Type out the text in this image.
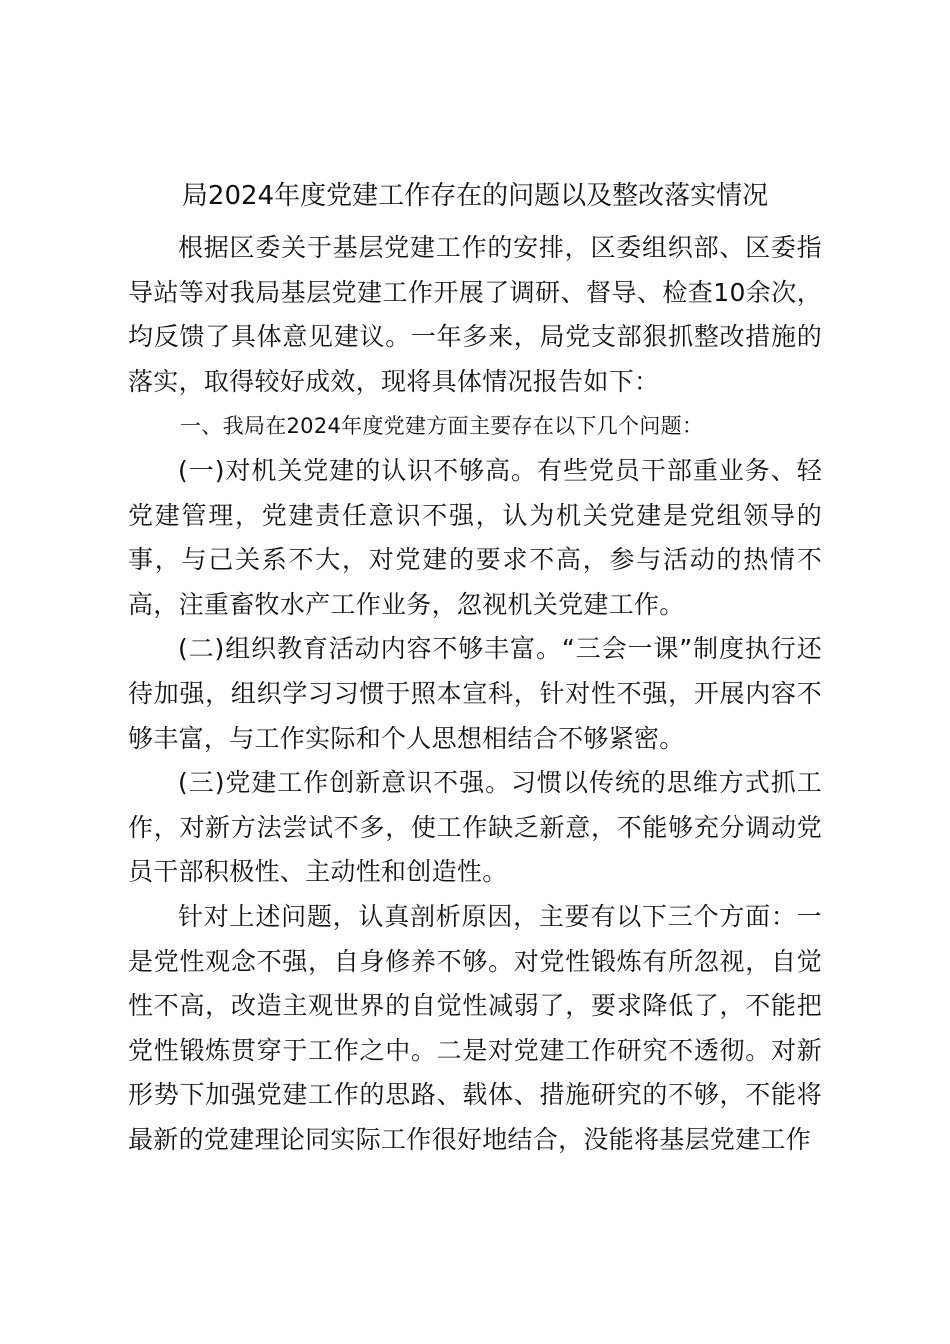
局2024年度党建工作存在的问题以及整改落实情况

根据区委关于基层党建工作的安排，区委组织部、区委指导站等对我局基层党建工作开展了调研、督导、检查10余次，均反馈了具体意见建议。一年多来，局党支部狠抓整改措施的落实，取得较好成效，现将具体情况报告如下：

一、我局在2024年度党建方面主要存在以下几个问题：

(一)对机关党建的认识不够高。有些党员干部重业务、轻党建管理，党建责任意识不强，认为机关党建是党组领导的事，与己关系不大，对党建的要求不高，参与活动的热情不高，注重畜牧水产工作业务，忽视机关党建工作。

(二)组织教育活动内容不够丰富。“三会一课”制度执行还待加强，组织学习习惯于照本宣科，针对性不强，开展内容不够丰富，与工作实际和个人思想相结合不够紧密。

(三)党建工作创新意识不强。习惯以传统的思维方式抓工作，对新方法尝试不多，使工作缺乏新意，不能够充分调动党员干部积极性、主动性和创造性。

针对上述问题，认真剖析原因，主要有以下三个方面：一是党性观念不强，自身修养不够。对党性锻炼有所忽视，自觉性不高，改造主观世界的自觉性减弱了，要求降低了，不能把党性锻炼贯穿于工作之中。二是对党建工作研究不透彻。对新形势下加强党建工作的思路、载体、措施研究的不够，不能将最新的党建理论同实际工作很好地结合，没能将基层党建工作
